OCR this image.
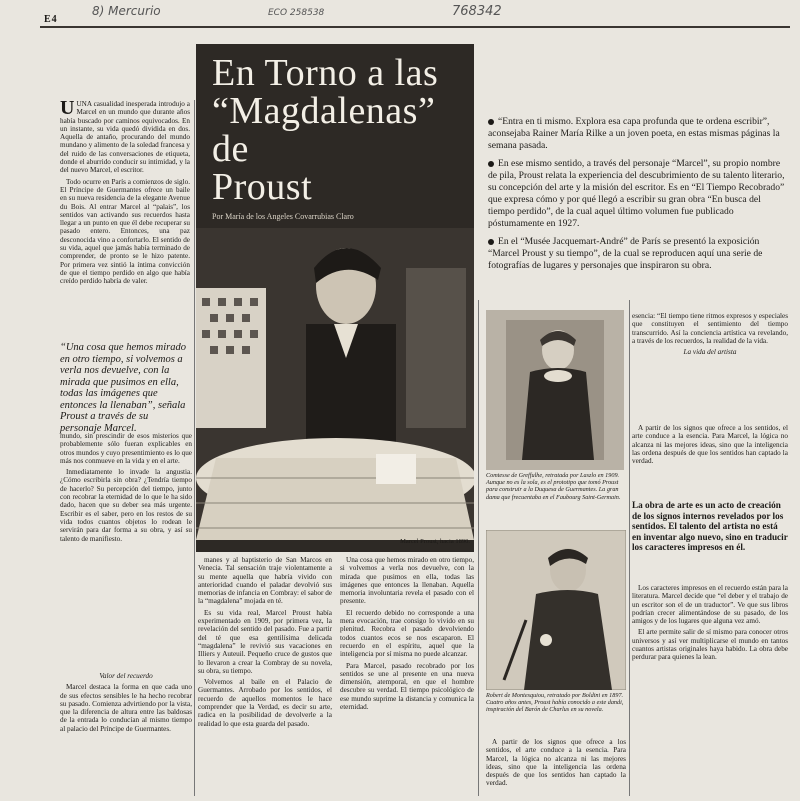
8) Mercurio	ECO 258538	768342
E4

UUNA casualidad inesperada introdujo a Marcel en un mundo que durante años había buscado por caminos equivocados. En un instante, su vida quedó dividida en dos. Aquella de antaño, procurando del mundo mundano y alimento de la soledad francesa y del ruido de las conversaciones de etiqueta, donde el aburrido conducir su intimidad, y la del nuevo Marcel, el escritor.

Todo ocurre en París a comienzos de siglo. El Príncipe de Guermantes ofrece un baile en su nueva residencia de la elegante Avenue du Bois. Al entrar Marcel al “palais”, los sentidos van activando sus recuerdos hasta llegar a un punto en que él debe recuperar su pasado entero. Entonces, una paz desconocida vino a confortarlo. El sentido de su vida, aquel que jamás había terminado de comprender, de pronto se le hizo patente. Por primera vez sintió la íntima convicción de que el tiempo perdido en algo que había creído perdido habría de valer.

“Una cosa que hemos mirado en otro tiempo, si volvemos a verla nos devuelve, con la mirada que pusimos en ella, todas las imágenes que entonces la llenaban”, señala Proust a través de su personaje Marcel.

mundo, sin prescindir de esos misterios que probablemente sólo fueran explicables en otros mundos y cuyo presentimiento es lo que más nos conmueve en la vida y en el arte.

Inmediatamente lo invade la angustia. ¿Cómo escribirla sin obra? ¿Tendría tiempo de hacerlo? Su percepción del tiempo, junto con recobrar la eternidad de lo que le ha sido dado, hacen que su deber sea más urgente. Escribir es el saber, pero en los restos de su vida todos cuantos objetos lo rodean le servirán para dar forma a su obra, y así su talento de manifiesto.

Valor del recuerdo

Marcel destaca la forma en que cada uno de sus efectos sensibles le ha hecho recobrar su pasado. Comienza advirtiendo por la vista, que la diferencia de altura entre las baldosas de la entrada lo conducían al mismo tiempo al palacio del Príncipe de Guermantes.

En Torno a las
“Magdalenas” de
Proust
Por María de los Angeles Covarrubias Claro
Marcel Proust, hacia 1890.

“Entra en ti mismo. Explora esa capa profunda que te ordena escribir”, aconsejaba Rainer María Rilke a un joven poeta, en estas mismas páginas la semana pasada.

En ese mismo sentido, a través del personaje “Marcel”, su propio nombre de pila, Proust relata la experiencia del descubrimiento de su talento literario, su concepción del arte y la misión del escritor. Es en “El Tiempo Recobrado” que expresa cómo y por qué llegó a escribir su gran obra “En busca del tiempo perdido”, de la cual aquel último volumen fue publicado póstumamente en 1927.

En el “Musée Jacquemart-André” de París se presentó la exposición “Marcel Proust y su tiempo”, de la cual se reproducen aquí una serie de fotografías de lugares y personajes que inspiraron su obra.

manes y al baptisterio de San Marcos en Venecia. Tal sensación traje violentamente a su mente aquella que habría vivido con anterioridad cuando el paladar devolvió sus memorias de infancia en Combray: el sabor de la “magdalena” mojada en té.

Es su vida real, Marcel Proust había experimentado en 1909, por primera vez, la revelación del sentido del pasado. Fue a partir del té que esa gentilísima delicada “magdalena” le revivió sus vacaciones en Illiers y Auteuil. Pequeño cruce de gustos que lo llevaron a crear la Combray de su novela, su obra, su tiempo.

Volvemos al baile en el Palacio de Guermantes. Arrobado por los sentidos, el recuerdo de aquellos momentos le hace comprender que la Verdad, es decir su arte, radica en la posibilidad de devolverle a la realidad lo que esta guarda del pasado.

Una cosa que hemos mirado en otro tiempo, si volvemos a verla nos devuelve, con la mirada que pusimos en ella, todas las imágenes que entonces la llenaban. Aquella memoria involuntaria revela el pasado con el presente.

El recuerdo debido no corresponde a una mera evocación, trae consigo lo vivido en su plenitud. Recobra el pasado devolviendo todos cuantos ecos se nos escaparon. El recuerdo en el espíritu, aquel que la inteligencia por sí misma no puede alcanzar.

Para Marcel, pasado recobrado por los sentidos se une al presente en una nueva dimensión, atemporal, en que el hombre descubre su verdad. El tiempo psicológico de ese mundo suprime la distancia y comunica la eternidad.

Comtesse de Greffulhe, retratada por Laszlo en 1909. Aunque no es la sola, es el prototipo que tomó Proust para construir a la Duquesa de Guermantes. La gran dama que frecuentaba en el Faubourg Saint-Germain.
Robert de Montesquiou, retratado por Boldini en 1897. Cuatro años antes, Proust había conocido a este dandi, inspiración del Barón de Charlus en su novela.

A partir de los signos que ofrece a los sentidos, el arte conduce a la esencia. Para Marcel, la lógica no alcanza ni las mejores ideas, sino que la inteligencia las ordena después de que los sentidos han captado la verdad.

esencia: “El tiempo tiene ritmos expresos y especiales que constituyen el sentimiento del tiempo transcurrido. Así la conciencia artística va revelando, a través de los recuerdos, la realidad de la vida.

La vida del artista

A partir de los signos que ofrece a los sentidos, el arte conduce a la esencia. Para Marcel, la lógica no alcanza ni las mejores ideas, sino que la inteligencia las ordena después de que los sentidos han captado la verdad.

La obra de arte es un acto de creación de los signos internos revelados por los sentidos. El talento del artista no está en inventar algo nuevo, sino en traducir los caracteres impresos en él.

Los caracteres impresos en el recuerdo están para la literatura. Marcel decide que “el deber y el trabajo de un escritor son el de un traductor”. Ve que sus libros podrían crecer alimentándose de su pasado, de los amigos y de los lugares que alguna vez amó.

El arte permite salir de sí mismo para conocer otros universos y así ver multiplicarse el mundo en tantos cuantos artistas originales haya habido. La obra debe perdurar para quienes la lean.
